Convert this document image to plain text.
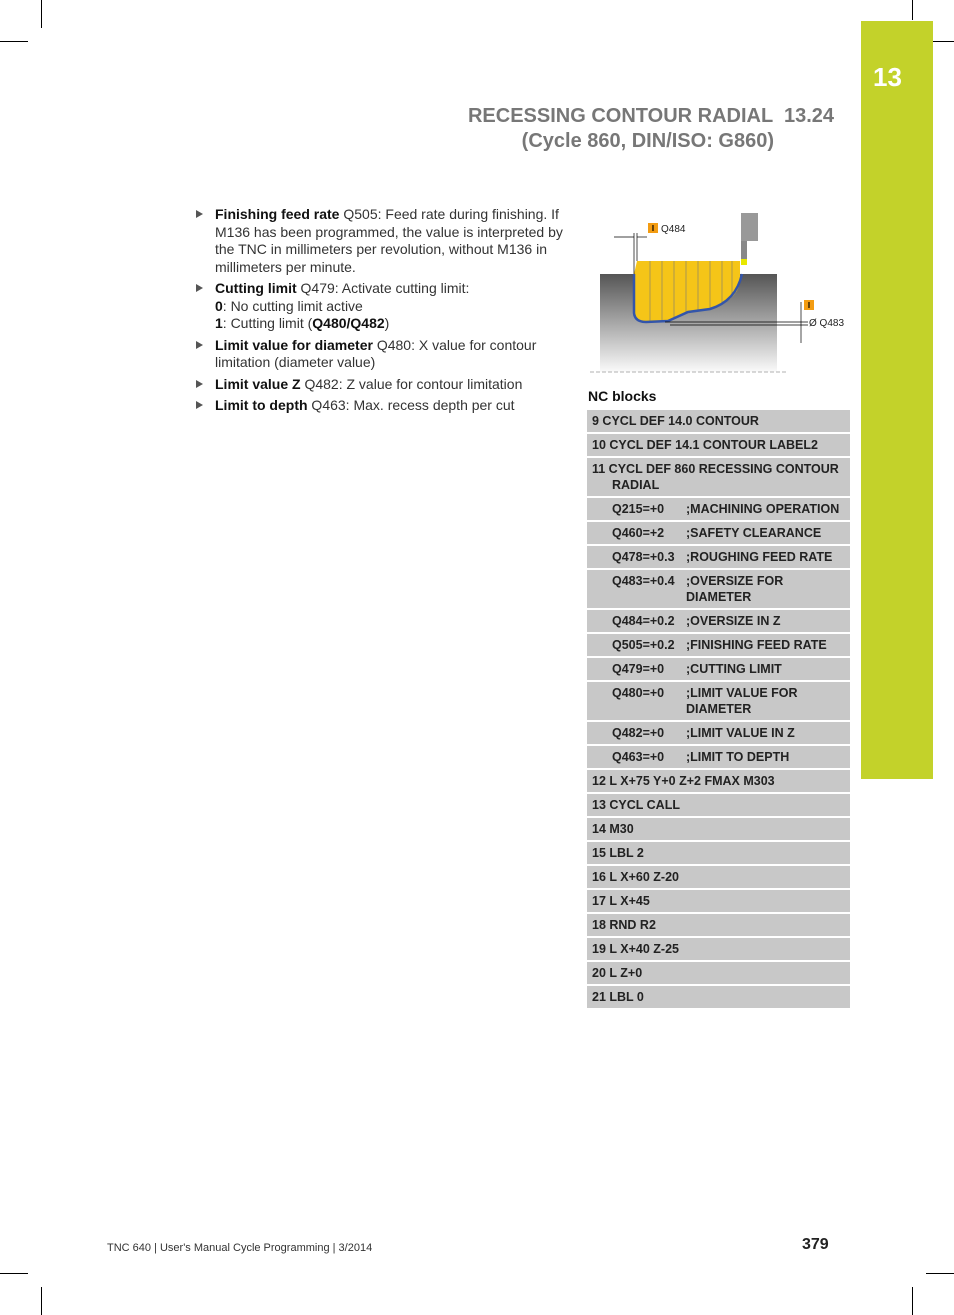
13
RECESSING CONTOUR RADIAL  13.24
(Cycle 860, DIN/ISO: G860)
Finishing feed rate Q505: Feed rate during finishing. If M136 has been programmed, the value is interpreted by the TNC in millimeters per revolution, without M136 in millimeters per minute.
Cutting limit Q479: Activate cutting limit:
0: No cutting limit active
1: Cutting limit (Q480/Q482)
Limit value for diameter Q480: X value for contour limitation (diameter value)
Limit value Z Q482: Z value for contour limitation
Limit to depth Q463: Max. recess depth per cut
I Q484
I
Ø Q483
NC blocks
9 CYCL DEF 14.0 CONTOUR
10 CYCL DEF 14.1 CONTOUR LABEL2
11 CYCL DEF 860 RECESSING CONTOUR
RADIAL
Q215=+0	;MACHINING OPERATION
Q460=+2	;SAFETY CLEARANCE
Q478=+0.3 ;ROUGHING FEED RATE
Q483=+0.4 ;OVERSIZE FOR DIAMETER
Q484=+0.2 ;OVERSIZE IN Z
Q505=+0.2 ;FINISHING FEED RATE
Q479=+0	;CUTTING LIMIT
Q480=+0	;LIMIT VALUE FOR DIAMETER
Q482=+0	;LIMIT VALUE IN Z
Q463=+0	;LIMIT TO DEPTH
12 L X+75 Y+0 Z+2 FMAX M303
13 CYCL CALL
14 M30
15 LBL 2
16 L X+60 Z-20
17 L X+45
18 RND R2
19 L X+40 Z-25
20 L Z+0
21 LBL 0
TNC 640 | User's Manual Cycle Programming | 3/2014	379
